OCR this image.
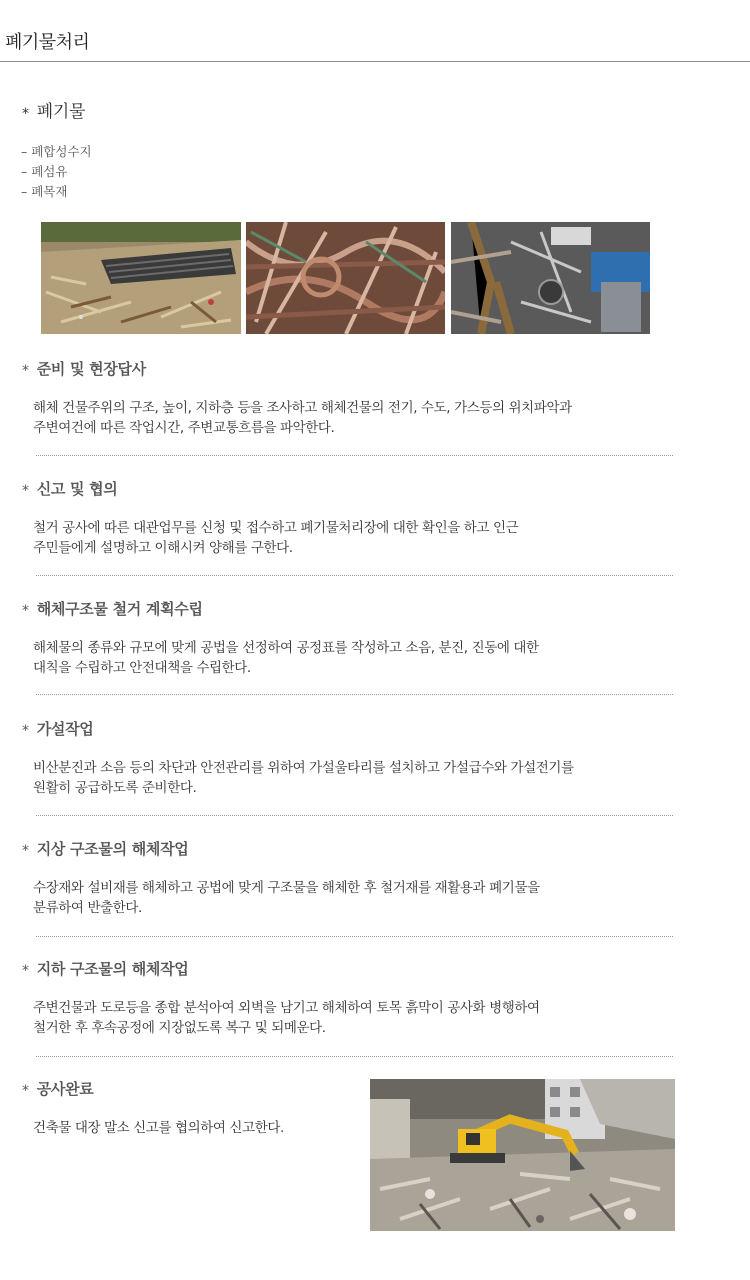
폐기물처리
* 폐기물
– 폐합성수지
– 폐섬유
– 폐목재
* 준비 및 현장답사

해체 건물주위의 구조, 높이, 지하층 등을 조사하고 해체건물의 전기, 수도, 가스등의 위치파악과
주변여건에 따른 작업시간, 주변교통흐름을 파악한다.

* 신고 및 협의

철거 공사에 따른 대관업무를 신청 및 접수하고 폐기물처리장에 대한 확인을 하고 인근
주민들에게 설명하고 이해시켜 양해를 구한다.

* 해체구조물 철거 계획수립

해체물의 종류와 규모에 맞게 공법을 선정하여 공정표를 작성하고 소음, 분진, 진동에 대한
대칙을 수립하고 안전대책을 수립한다.

* 가설작업

비산분진과 소음 등의 차단과 안전관리를 위하여 가설울타리를 설치하고 가설급수와 가설전기를
원활히 공급하도록 준비한다.

* 지상 구조물의 해체작업

수장재와 설비재를 해체하고 공법에 맞게 구조물을 해체한 후 철거재를 재활용과 폐기물을
분류하여 반출한다.

* 지하 구조물의 해체작업

주변건물과 도로등을 종합 분석아여 외벽을 남기고 해체하여 토목 흙막이 공사화 병행하여
철거한 후 후속공정에 지장없도록 복구 및 되메운다.

* 공사완료

건축물 대장 말소 신고를 협의하여 신고한다.
